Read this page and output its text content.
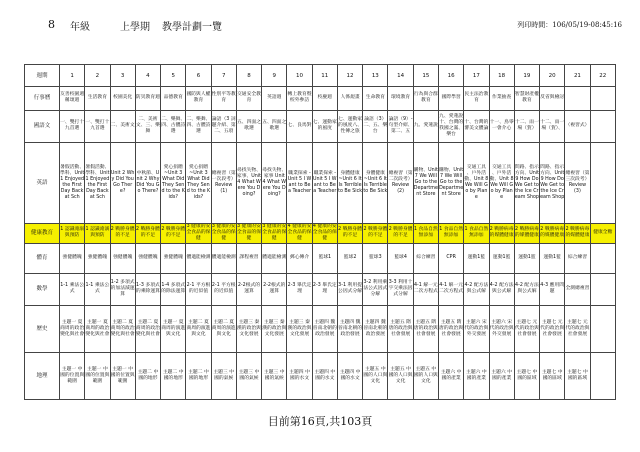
8 年級	上學期 教學計劃一覽	列印時間：106/05/19-08:45:16
週期	1	2	3	4	5	6	7	8	9	10	11	12	13	14	15	16	17	18	19	20	21	22
行事曆	友善校園週 稱頌週	生活教育	校園美化	防災教育週	品德教育	國防與人權教育	性別平等教育	交通安全教育	英語週	轉上教育暨校外參訪	校慶週	人係規畫	生命教育	環境教育	行為與合群教育	國際學習	民主法治教育	作業抽查	智慧財產權教育	反省與檢討		
國語文	一、雙打十九首選	一、雙打十九首選	二、美術文	二、美術文、三、樂舞	二、樂舞、四、古體詩選	二、樂舞、四、古體詩選	論語（3 詞題介紹、第二、五項	五、四面之歌選	五、四面之歌選	七、良馬對	七、運動家的風度	七、運動家的風度八、性傳之旅	論語（3）二、五、樂台	論語（9）-句型介紹、第二、五	九、愛蓮說	九、愛蓮說十、台灣的我國之滿、樂台	十、台灣的審美文體論	十一、鳥零一會介心	十二、雨一場（賀）	十二、雨一場（賀）、	（複習式）	
英語	暑假活動、學科、Unit 1 Enjoyed the First Day Back at Sch	暑假活動、學科、Unit 1 Enjoyed the First Day Back at Sch	Unit 2 Why Did You Go There?	中秋節、Unit 2 Why Did You Go There?	愛心捐贈 ~Unit 3 What Did They Send to the Kids?	愛心捐贈 ~Unit 3 What Did They Send to the Kids?	總複習（第一次段考）Review (1)	尋找失物、家事、Unit 4 What Were You Doing?	尋找失物、家事 Unit 4 What Were You Doing?	職業探索 - Unit 5 I Want to Be a Teacher	職業探索 - Unit 5 I Want to Be a Teacher	身體健康 ~Unit 6 It Is Terrible to Be Sick	身體健康 ~Unit 6 It Is Terrible to Be Sick	總複習（第二次段考）Review (2)	購物、Unit 7 We Will Go to the Department Store	購物、Unit 7 We Will Go to the Department Store	交通工具 、戶外活動、Unit 8 We Will Go by Plane	交通工具 、戶外活動、Unit 8 We Will Go by Plane	問路、指示方向、Unit 9 How Do We Get to the Ice Cream Shop	問路、指示方向、Unit 9 How Do We Get to the Ice Cream Shop	總複習（第三次段考）Review (3)	
健康教育	1 認識淹溺與預防	1 認識淹溺與預防	2 戰勝身體的不足	2 戰勝身體的不足	2 戰勝身體的不足	3 健康的安全食品的保健	3 健康的安全食品的保健	3 健康的安全食品的保健	3 健康的安全食品的保健	4 健康的安全食品的保健	4 健康的安全食品的保健	2 戰勝身體的不足	2 戰勝身體的不足	2 戰勝身體的不足	1 食品自然無添加	1 食品自然無添加	1 食品自然無添加	2 戰勝病毒的媒體健康	2 戰勝病毒的媒體健康	2 戰勝病毒的媒體健康	2 戰勝病毒的媒體健康	健康全糖
體育	強健體魄	強健體魄	強健體魄	強健體魄	強健體魄	體適能檢測	體適能檢測	課程複習	體適能檢測	郵心傳介	籃球1	籃球2	籃球3	籃球4	綜合練習	CPR	運動1籃	運動1籃	運動1籃	運動1籃	綜合練習	
數學	1-1 乘法公式	1-1 乘法公式	1-2 多項式的加法減運算	1-3 多項式的乘除運算	1-4 多項式的除法運算	2-1 平方根的近似值	2-1 平方根的近似值	2-2根式的運算	2-2根式的運算	2-3 畢氏定理	2-3 畢氏定理	3-1 利用提公因式分解	3-2 利用乘法公式因式分解	3-3 利用十字交乘法因式分解	4-1 解一元二次方程式	4-1 解一元二次方程式	4-2 配方法與公式解	4-2 配方法與公式解	4-2 配方法與公式解	4-3 應用問題	全測總複習	
歷史	主題一 夏商周的政治變化與社會	主題一 夏商周的政治變化與社會	主題二 夏商周的政治變化與社會	主題二 夏商周的政治變化與社會	主題一 夏商周的演進與文化	主題二 夏商周的演進與文化	主題二 夏商周的演進與文化	主題三 秦漢的政治與文化發展	主題三 秦漢的政治與文化發展	主題三 秦漢的政治與文化發展	主題四 魏晉南北朝的政治發展	主題四 魏晉南北朝的政治發展	主題四 魏晉南北朝的政治發展	主題五 隋唐的政治與社會發展	主題五 隋唐的政治與社會發展	主題五 隋唐的政治與社會發展	主題六 宋代的政治與外交發展	主題六 宋代的政治與外交發展	主題七 元代的政治與社會發展	主題七 元代的政治與社會發展	主題七 元代的政治與社會發展	
地理	主題一 中國的位置與範圍	主題一 中國的位置與範圍	主題一 中國的位置與範圍	主題二 中國的地形	主題二 中國的地形	主題二 中國的地形	主題三 中國的氣候	主題三 中國的氣候	主題三 中國的氣候	主題四 中國的水文	主題四 中國的水文	主題四 中國的水文	主題五 中國的人口與文化	主題五 中國的人口與文化	主題五 中國的人口與文化	主題六 中國的產業	主題六 中國的產業	主題六 中國的產業	主題七 中國的區域	主題七 中國的區域	主題七 中國的區域	
目前第16頁,共103頁
